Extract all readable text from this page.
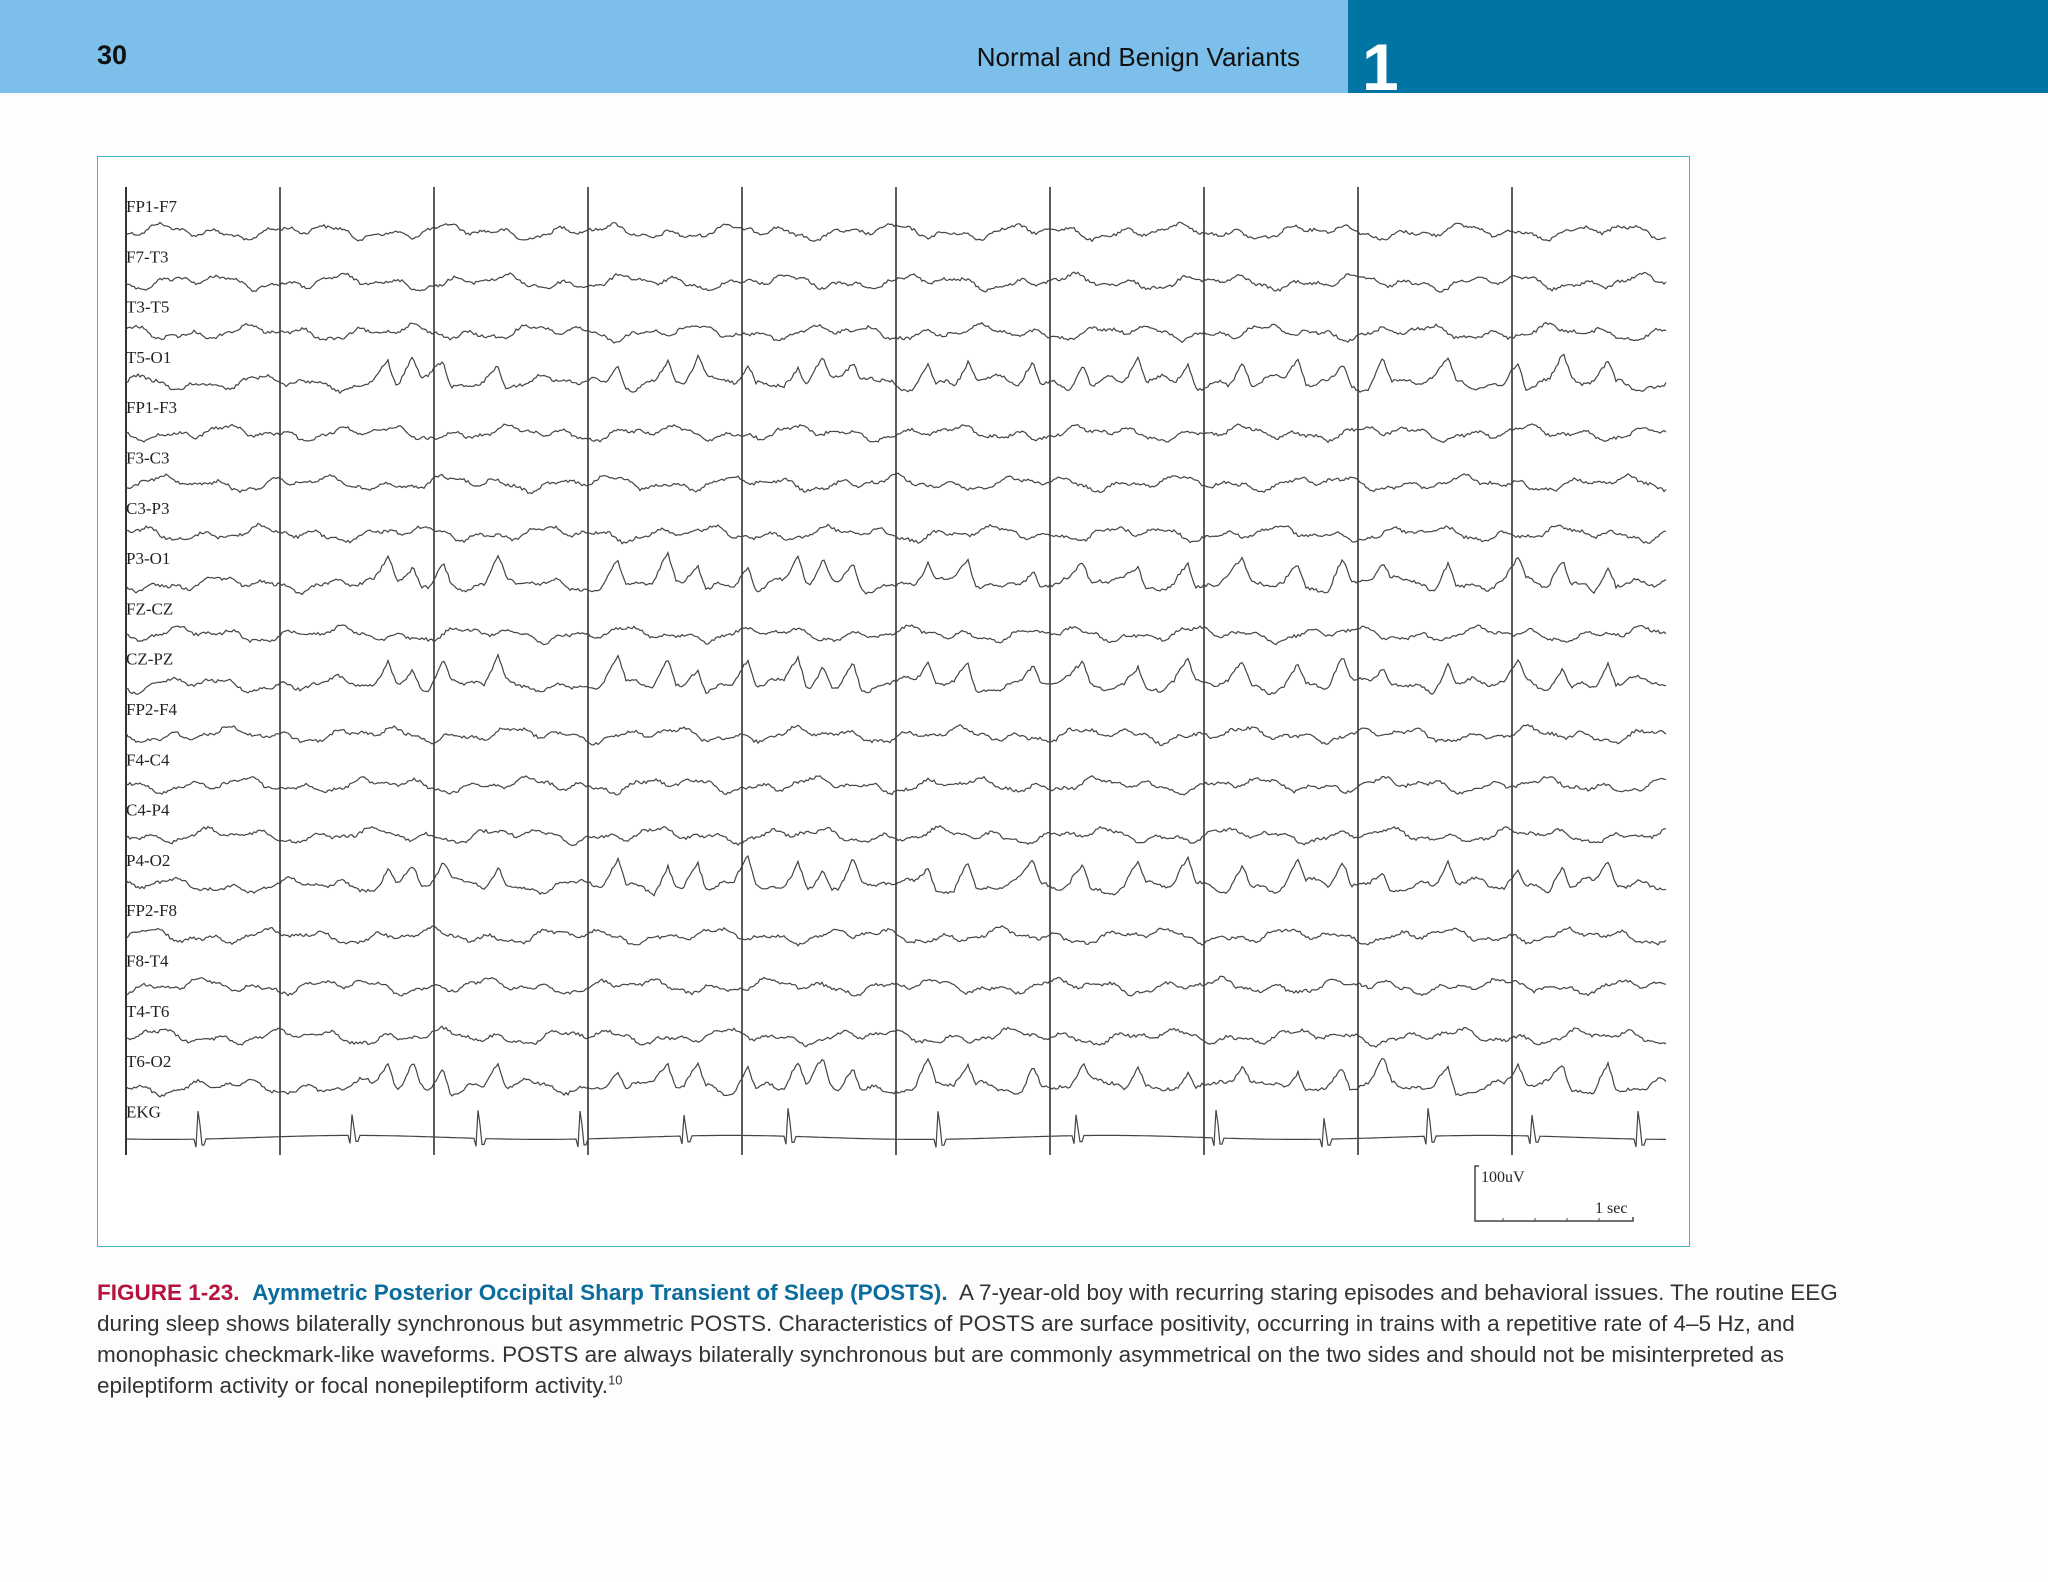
30	Normal and Benign Variants 1
FP1-F7
F7-T3
T3-T5
T5-O1
FP1-F3
F3-C3
C3-P3
P3-O1
FZ-CZ
CZ-PZ
FP2-F4
F4-C4
C4-P4
P4-O2
FP2-F8
F8-T4
T4-T6
T6-O2
EKG
100uV
1 sec
FIGURE 1-23. Aymmetric Posterior Occipital Sharp Transient of Sleep (POSTS). A 7-year-old boy with recurring staring episodes and behavioral issues. The routine EEG during sleep shows bilaterally synchronous but asymmetric POSTS. Characteristics of POSTS are surface positivity, occurring in trains with a repetitive rate of 4–5 Hz, and monophasic checkmark-like waveforms. POSTS are always bilaterally synchronous but are commonly asymmetrical on the two sides and should not be misinterpreted as epileptiform activity or focal nonepileptiform activity.$^{10}$
